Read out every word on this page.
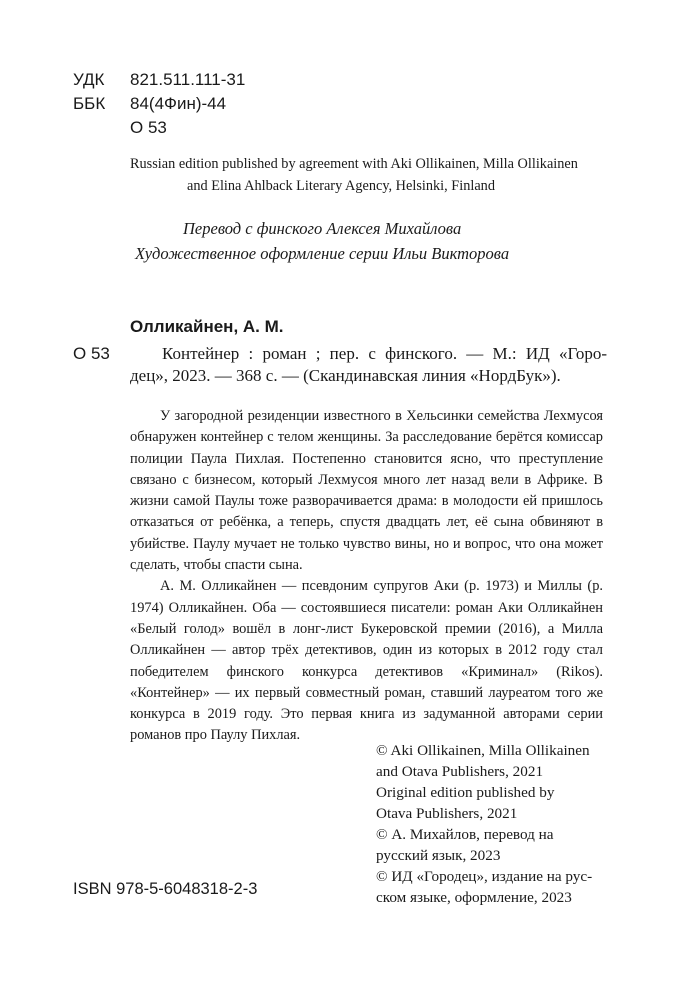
УДК 821.511.111-31
ББК 84(4Фин)-44
О 53
Russian edition published by agreement with Aki Ollikainen, Milla Ollikainen
and Elina Ahlback Literary Agency, Helsinki, Finland
Перевод с финского Алексея Михайлова
Художественное оформление серии Ильи Викторова
Олликайнен, А. М.
О 53	Контейнер : роман ; пер. с финского. — М.: ИД «Горо-
дец», 2023. — 368 с. — (Скандинавская линия «НордБук»).

У загородной резиденции известного в Хельсинки семейства Лехмусоя обнаружен контейнер с телом женщины. За расследование берётся комиссар полиции Паула Пихлая. Постепенно становится ясно, что преступление связано с бизнесом, который Лехмусоя много лет назад вели в Африке. В жизни самой Паулы тоже разворачивается драма: в молодости ей пришлось отказаться от ребёнка, а теперь, спустя двадцать лет, её сына обвиняют в убийстве. Паулу мучает не только чувство вины, но и вопрос, что она может сделать, чтобы спасти сына.

А. М. Олликайнен — псевдоним супругов Аки (р. 1973) и Миллы (р. 1974) Олликайнен. Оба — состоявшиеся писатели: роман Аки Олликайнен «Белый голод» вошёл в лонг-лист Букеровской премии (2016), а Милла Олликайнен — автор трёх детективов, один из которых в 2012 году стал победителем финского конкурса детективов «Криминал» (Rikos). «Контейнер» — их первый совместный роман, ставший лауреатом того же конкурса в 2019 году. Это первая книга из задуманной авторами серии романов про Паулу Пихлая.

© Aki Ollikainen, Milla Ollikainen
and Otava Publishers, 2021
Original edition published by
Otava Publishers, 2021
© А. Михайлов, перевод на
русский язык, 2023
© ИД «Городец», издание на рус-
ском языке, оформление, 2023
ISBN 978-5-6048318-2-3
